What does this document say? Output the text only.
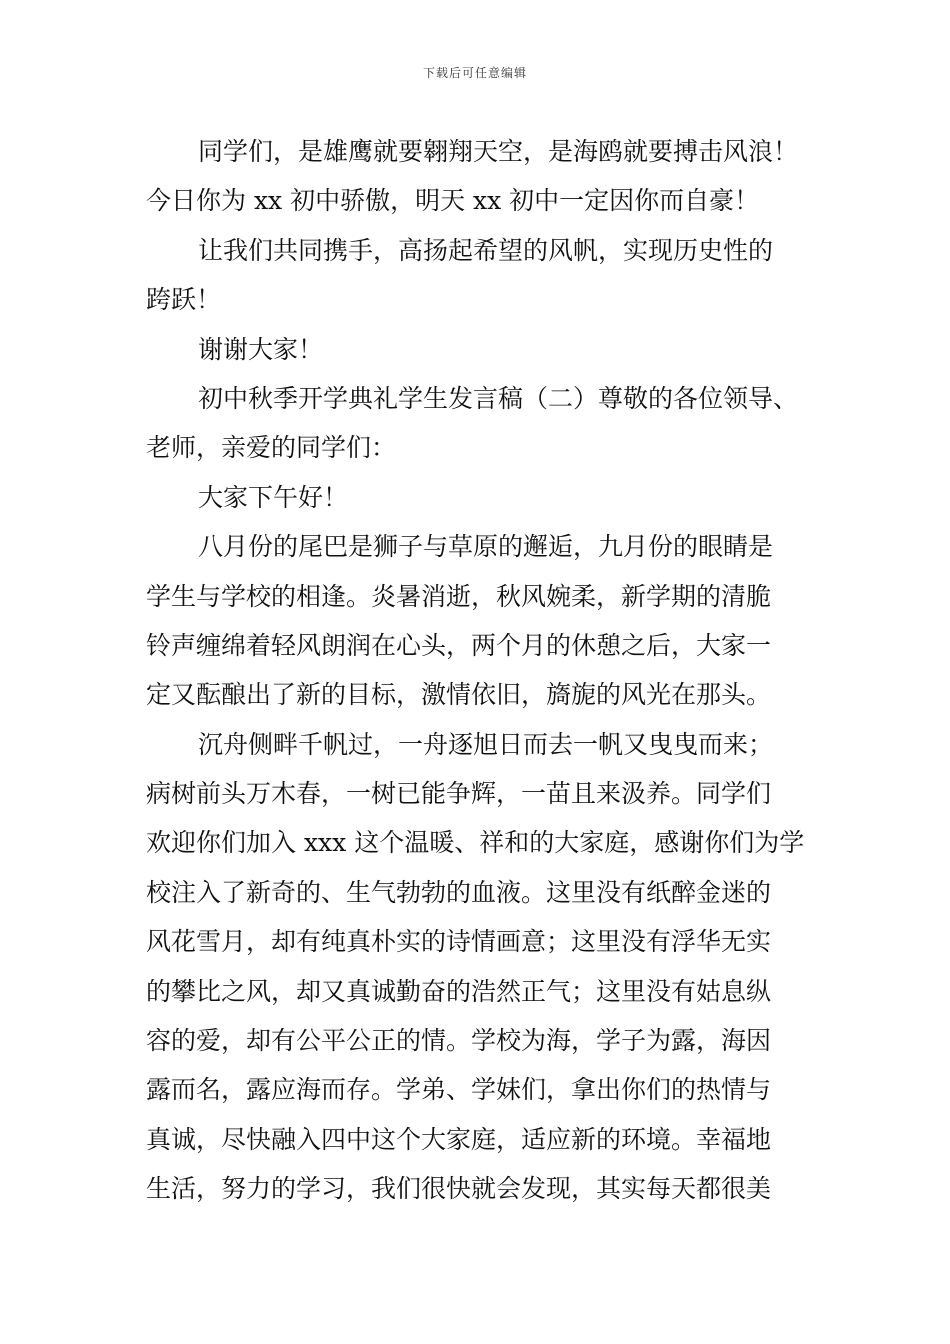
下载后可任意编辑
同学们，是雄鹰就要翱翔天空，是海鸥就要搏击风浪！
今日你为 xx 初中骄傲，明天 xx 初中一定因你而自豪！
让我们共同携手，高扬起希望的风帆，实现历史性的
跨跃！
谢谢大家！
初中秋季开学典礼学生发言稿（二）尊敬的各位领导、
老师，亲爱的同学们：
大家下午好！
八月份的尾巴是狮子与草原的邂逅，九月份的眼睛是
学生与学校的相逢。炎暑消逝，秋风婉柔，新学期的清脆
铃声缠绵着轻风朗润在心头，两个月的休憩之后，大家一
定又酝酿出了新的目标，激情依旧，旖旎的风光在那头。
沉舟侧畔千帆过，一舟逐旭日而去一帆又曳曳而来；
病树前头万木春，一树已能争辉，一苗且来汲养。同学们
欢迎你们加入 xxx 这个温暖、祥和的大家庭，感谢你们为学
校注入了新奇的、生气勃勃的血液。这里没有纸醉金迷的
风花雪月，却有纯真朴实的诗情画意；这里没有浮华无实
的攀比之风，却又真诚勤奋的浩然正气；这里没有姑息纵
容的爱，却有公平公正的情。学校为海，学子为露，海因
露而名，露应海而存。学弟、学妹们，拿出你们的热情与
真诚，尽快融入四中这个大家庭，适应新的环境。幸福地
生活，努力的学习，我们很快就会发现，其实每天都很美
